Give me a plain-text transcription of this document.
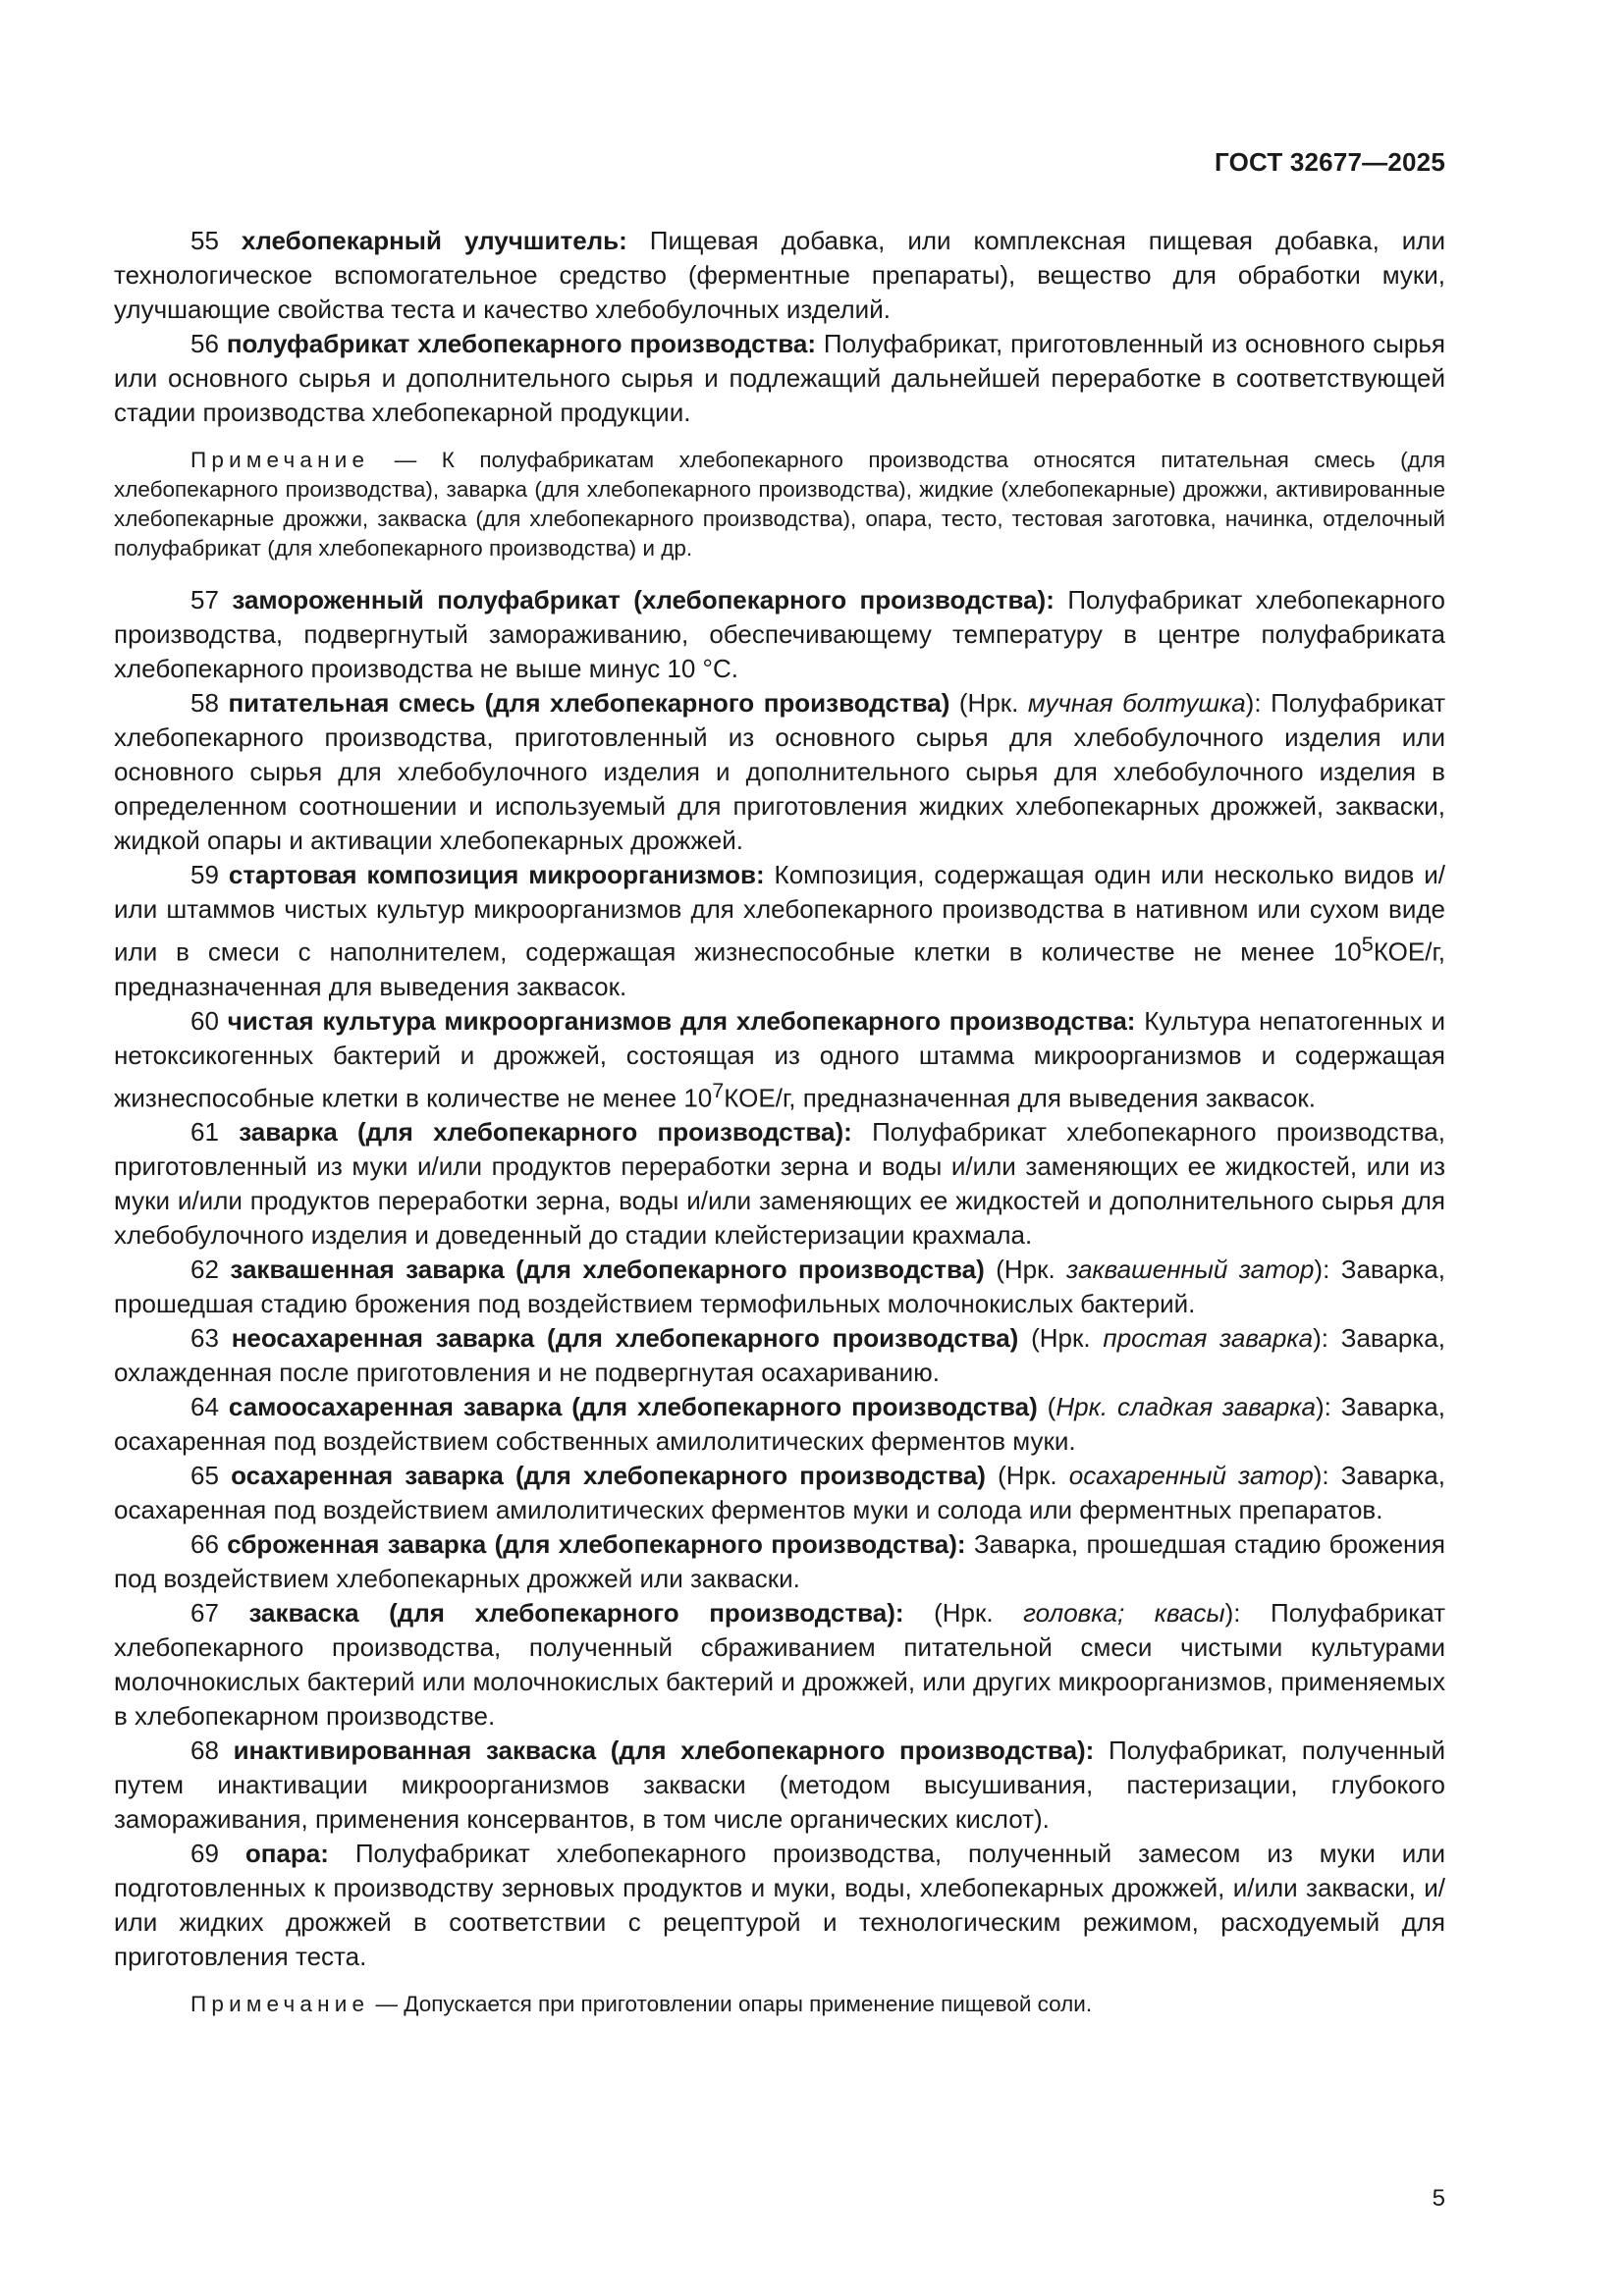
ГОСТ 32677—2025

55 хлебопекарный улучшитель: Пищевая добавка, или комплексная пищевая добавка, или технологическое вспомогательное средство (ферментные препараты), вещество для обработки муки, улучшающие свойства теста и качество хлебобулочных изделий.

56 полуфабрикат хлебопекарного производства: Полуфабрикат, приготовленный из основного сырья или основного сырья и дополнительного сырья и подлежащий дальнейшей переработке в соответствующей стадии производства хлебопекарной продукции.

Примечание — К полуфабрикатам хлебопекарного производства относятся питательная смесь (для хлебопекарного производства), заварка (для хлебопекарного производства), жидкие (хлебопекарные) дрожжи, активированные хлебопекарные дрожжи, закваска (для хлебопекарного производства), опара, тесто, тестовая заготовка, начинка, отделочный полуфабрикат (для хлебопекарного производства) и др.

57 замороженный полуфабрикат (хлебопекарного производства): Полуфабрикат хлебопекарного производства, подвергнутый замораживанию, обеспечивающему температуру в центре полуфабриката хлебопекарного производства не выше минус 10 °С.

58 питательная смесь (для хлебопекарного производства) (Нрк. мучная болтушка): Полуфабрикат хлебопекарного производства, приготовленный из основного сырья для хлебобулочного изделия или основного сырья для хлебобулочного изделия и дополнительного сырья для хлебобулочного изделия в определенном соотношении и используемый для приготовления жидких хлебопекарных дрожжей, закваски, жидкой опары и активации хлебопекарных дрожжей.

59 стартовая композиция микроорганизмов: Композиция, содержащая один или несколько видов и/или штаммов чистых культур микроорганизмов для хлебопекарного производства в нативном или сухом виде или в смеси с наполнителем, содержащая жизнеспособные клетки в количестве не менее $10^5КОЕ/г$, предназначенная для выведения заквасок.

60 чистая культура микроорганизмов для хлебопекарного производства: Культура непатогенных и нетоксикогенных бактерий и дрожжей, состоящая из одного штамма микроорганизмов и содержащая жизнеспособные клетки в количестве не менее $10^7КОЕ/г$, предназначенная для выведения заквасок.

61 заварка (для хлебопекарного производства): Полуфабрикат хлебопекарного производства, приготовленный из муки и/или продуктов переработки зерна и воды и/или заменяющих ее жидкостей, или из муки и/или продуктов переработки зерна, воды и/или заменяющих ее жидкостей и дополнительного сырья для хлебобулочного изделия и доведенный до стадии клейстеризации крахмала.

62 заквашенная заварка (для хлебопекарного производства) (Нрк. заквашенный затор): Заварка, прошедшая стадию брожения под воздействием термофильных молочнокислых бактерий.

63 неосахаренная заварка (для хлебопекарного производства) (Нрк. простая заварка): Заварка, охлажденная после приготовления и не подвергнутая осахариванию.

64 самоосахаренная заварка (для хлебопекарного производства) (Нрк. сладкая заварка): Заварка, осахаренная под воздействием собственных амилолитических ферментов муки.

65 осахаренная заварка (для хлебопекарного производства) (Нрк. осахаренный затор): Заварка, осахаренная под воздействием амилолитических ферментов муки и солода или ферментных препаратов.

66 сброженная заварка (для хлебопекарного производства): Заварка, прошедшая стадию брожения под воздействием хлебопекарных дрожжей или закваски.

67 закваска (для хлебопекарного производства): (Нрк. головка; квасы): Полуфабрикат хлебопекарного производства, полученный сбраживанием питательной смеси чистыми культурами молочнокислых бактерий или молочнокислых бактерий и дрожжей, или других микроорганизмов, применяемых в хлебопекарном производстве.

68 инактивированная закваска (для хлебопекарного производства): Полуфабрикат, полученный путем инактивации микроорганизмов закваски (методом высушивания, пастеризации, глубокого замораживания, применения консервантов, в том числе органических кислот).

69 опара: Полуфабрикат хлебопекарного производства, полученный замесом из муки или подготовленных к производству зерновых продуктов и муки, воды, хлебопекарных дрожжей, и/или закваски, и/или жидких дрожжей в соответствии с рецептурой и технологическим режимом, расходуемый для приготовления теста.

Примечание — Допускается при приготовлении опары применение пищевой соли.

5
